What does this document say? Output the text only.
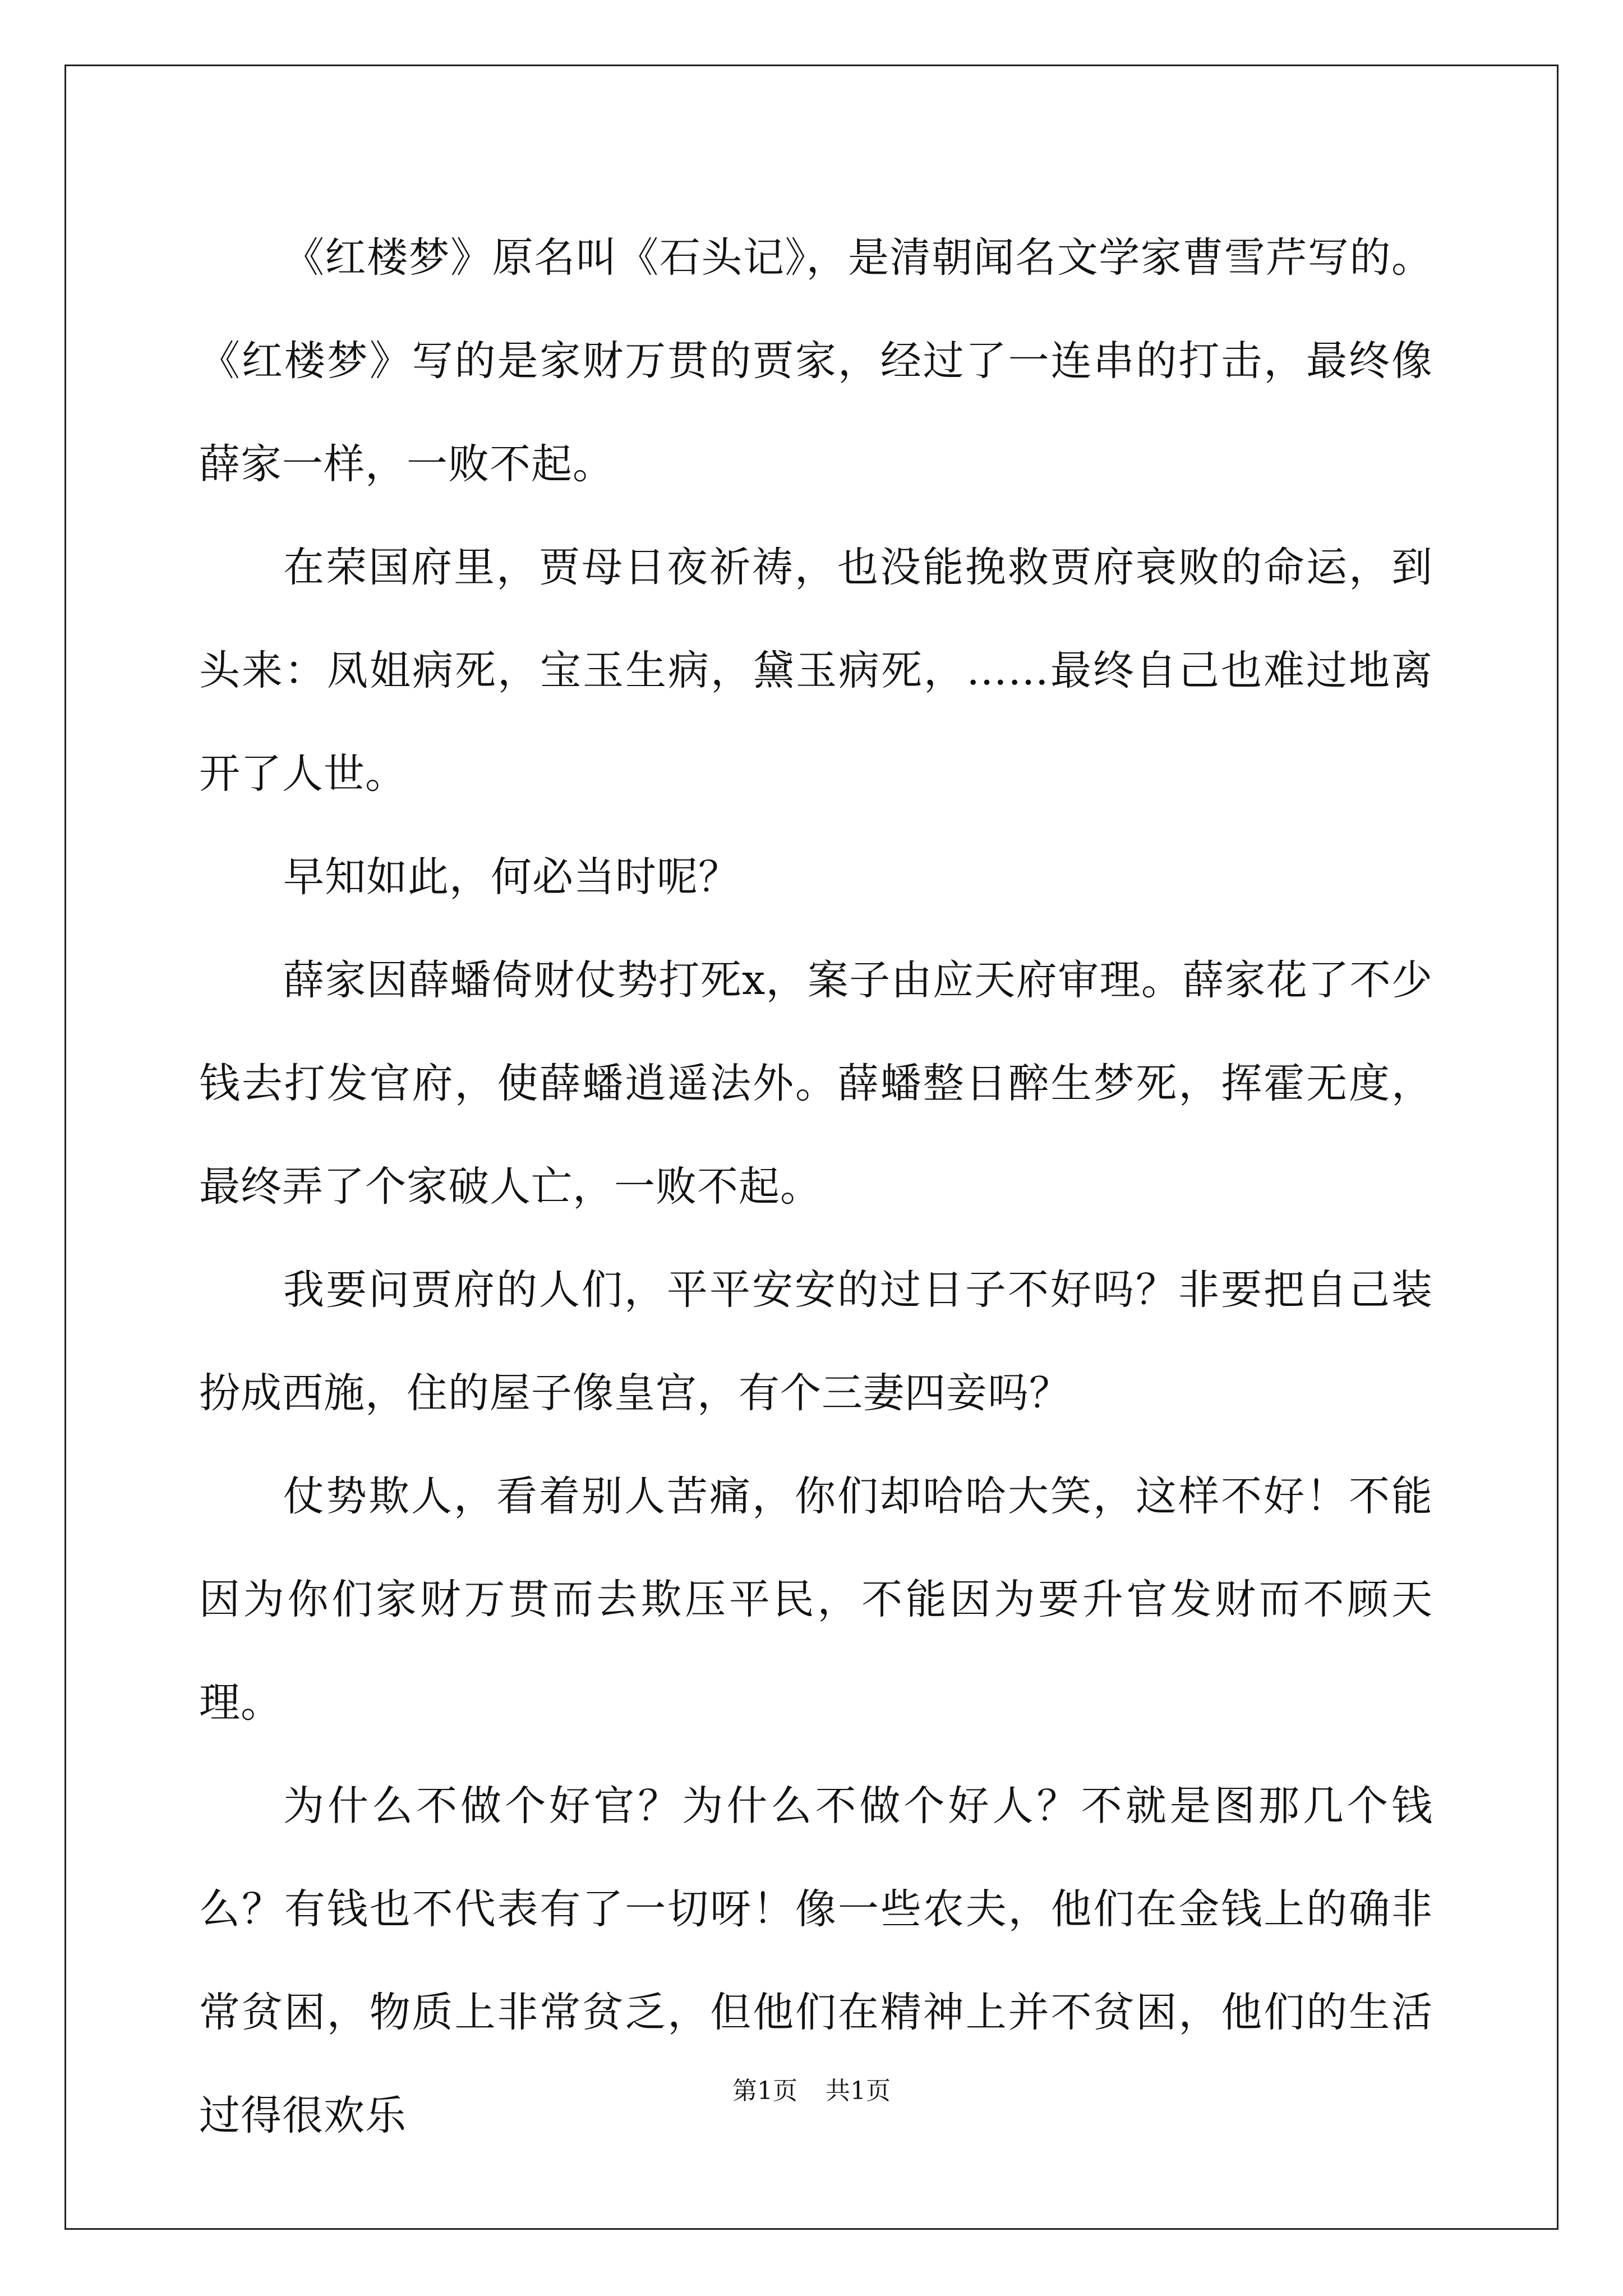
《红楼梦》原名叫《石头记》，是清朝闻名文学家曹雪芹写的。《红楼梦》写的是家财万贯的贾家，经过了一连串的打击，最终像薛家一样，一败不起。

在荣国府里，贾母日夜祈祷，也没能挽救贾府衰败的命运，到头来：凤姐病死，宝玉生病，黛玉病死，……最终自己也难过地离开了人世。

早知如此，何必当时呢？

薛家因薛蟠倚财仗势打死x，案子由应天府审理。薛家花了不少钱去打发官府，使薛蟠逍遥法外。薛蟠整日醉生梦死，挥霍无度，最终弄了个家破人亡，一败不起。

我要问贾府的人们，平平安安的过日子不好吗？非要把自己装扮成西施，住的屋子像皇宫，有个三妻四妾吗？

仗势欺人，看着别人苦痛，你们却哈哈大笑，这样不好！不能因为你们家财万贯而去欺压平民，不能因为要升官发财而不顾天理。

为什么不做个好官？为什么不做个好人？不就是图那几个钱么？有钱也不代表有了一切呀！像一些农夫，他们在金钱上的确非常贫困，物质上非常贫乏，但他们在精神上并不贫困，他们的生活过得很欢乐

第1页 共1页
